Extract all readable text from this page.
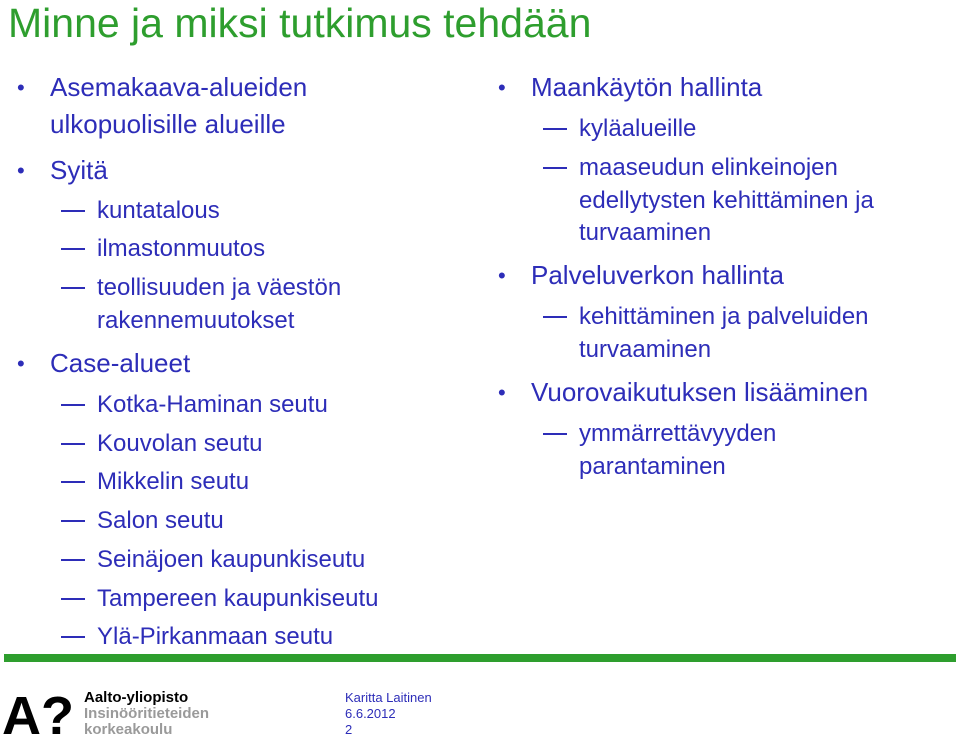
Minne ja miksi tutkimus tehdään
• Asemakaava-alueiden
ulkopuolisille alueille
• Syitä
kuntatalous
ilmastonmuutos
teollisuuden ja väestön
rakennemuutokset
• Case-alueet
Kotka-Haminan seutu
Kouvolan seutu
Mikkelin seutu
Salon seutu
Seinäjoen kaupunkiseutu
Tampereen kaupunkiseutu
Ylä-Pirkanmaan seutu
• Maankäytön hallinta
kyläalueille
maaseudun elinkeinojen
edellytysten kehittäminen ja
turvaaminen
• Palveluverkon hallinta
kehittäminen ja palveluiden
turvaaminen
• Vuorovaikutuksen lisääminen
ymmärrettävyyden
parantaminen
A? Aalto-yliopisto
Insinööritieteiden
korkeakoulu
Karitta Laitinen
6.6.2012
2
